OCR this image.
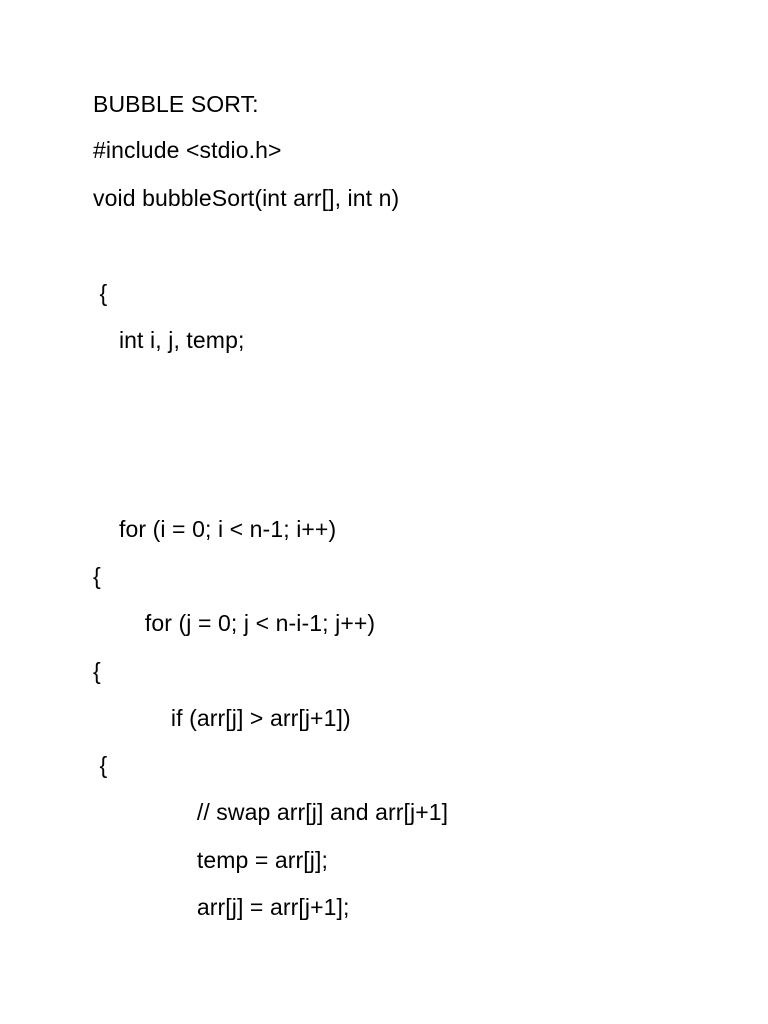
BUBBLE SORT:
#include <stdio.h>
void bubbleSort(int arr[], int n)
{
int i, j, temp;
for (i = 0; i < n-1; i++)
{
for (j = 0; j < n-i-1; j++)
{
if (arr[j] > arr[j+1])
{
// swap arr[j] and arr[j+1]
temp = arr[j];
arr[j] = arr[j+1];
